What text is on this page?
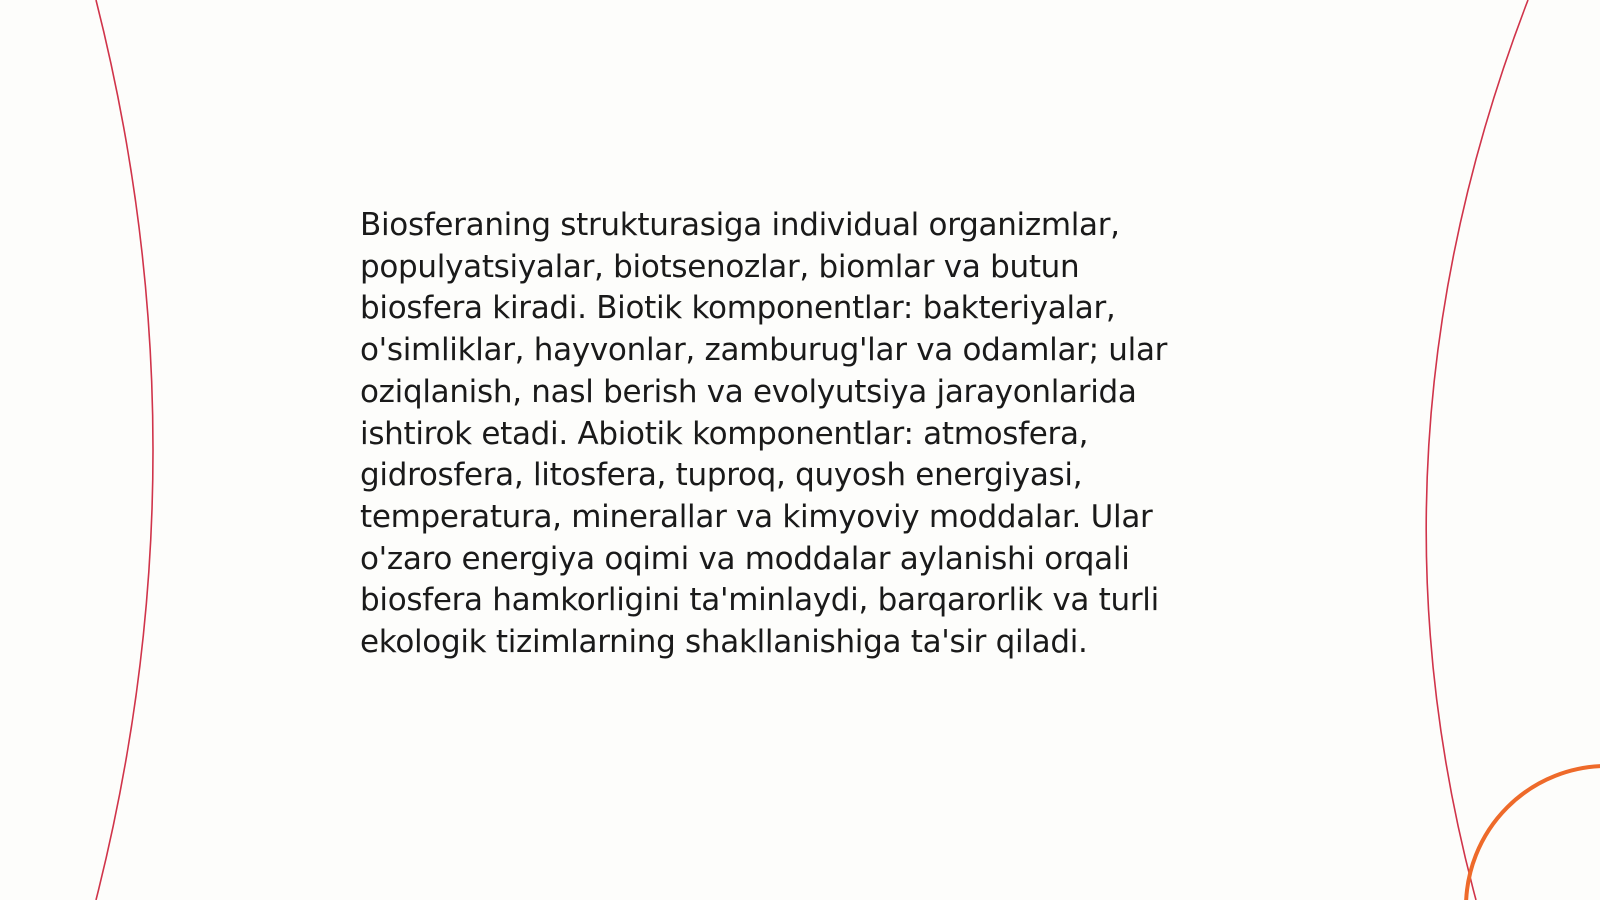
Biosferaning strukturasiga individual organizmlar,
populyatsiyalar, biotsenozlar, biomlar va butun
biosfera kiradi. Biotik komponentlar: bakteriyalar,
o'simliklar, hayvonlar, zamburug'lar va odamlar; ular
oziqlanish, nasl berish va evolyutsiya jarayonlarida
ishtirok etadi. Abiotik komponentlar: atmosfera,
gidrosfera, litosfera, tuproq, quyosh energiyasi,
temperatura, minerallar va kimyoviy moddalar. Ular
o'zaro energiya oqimi va moddalar aylanishi orqali
biosfera hamkorligini ta'minlaydi, barqarorlik va turli
ekologik tizimlarning shakllanishiga ta'sir qiladi.
